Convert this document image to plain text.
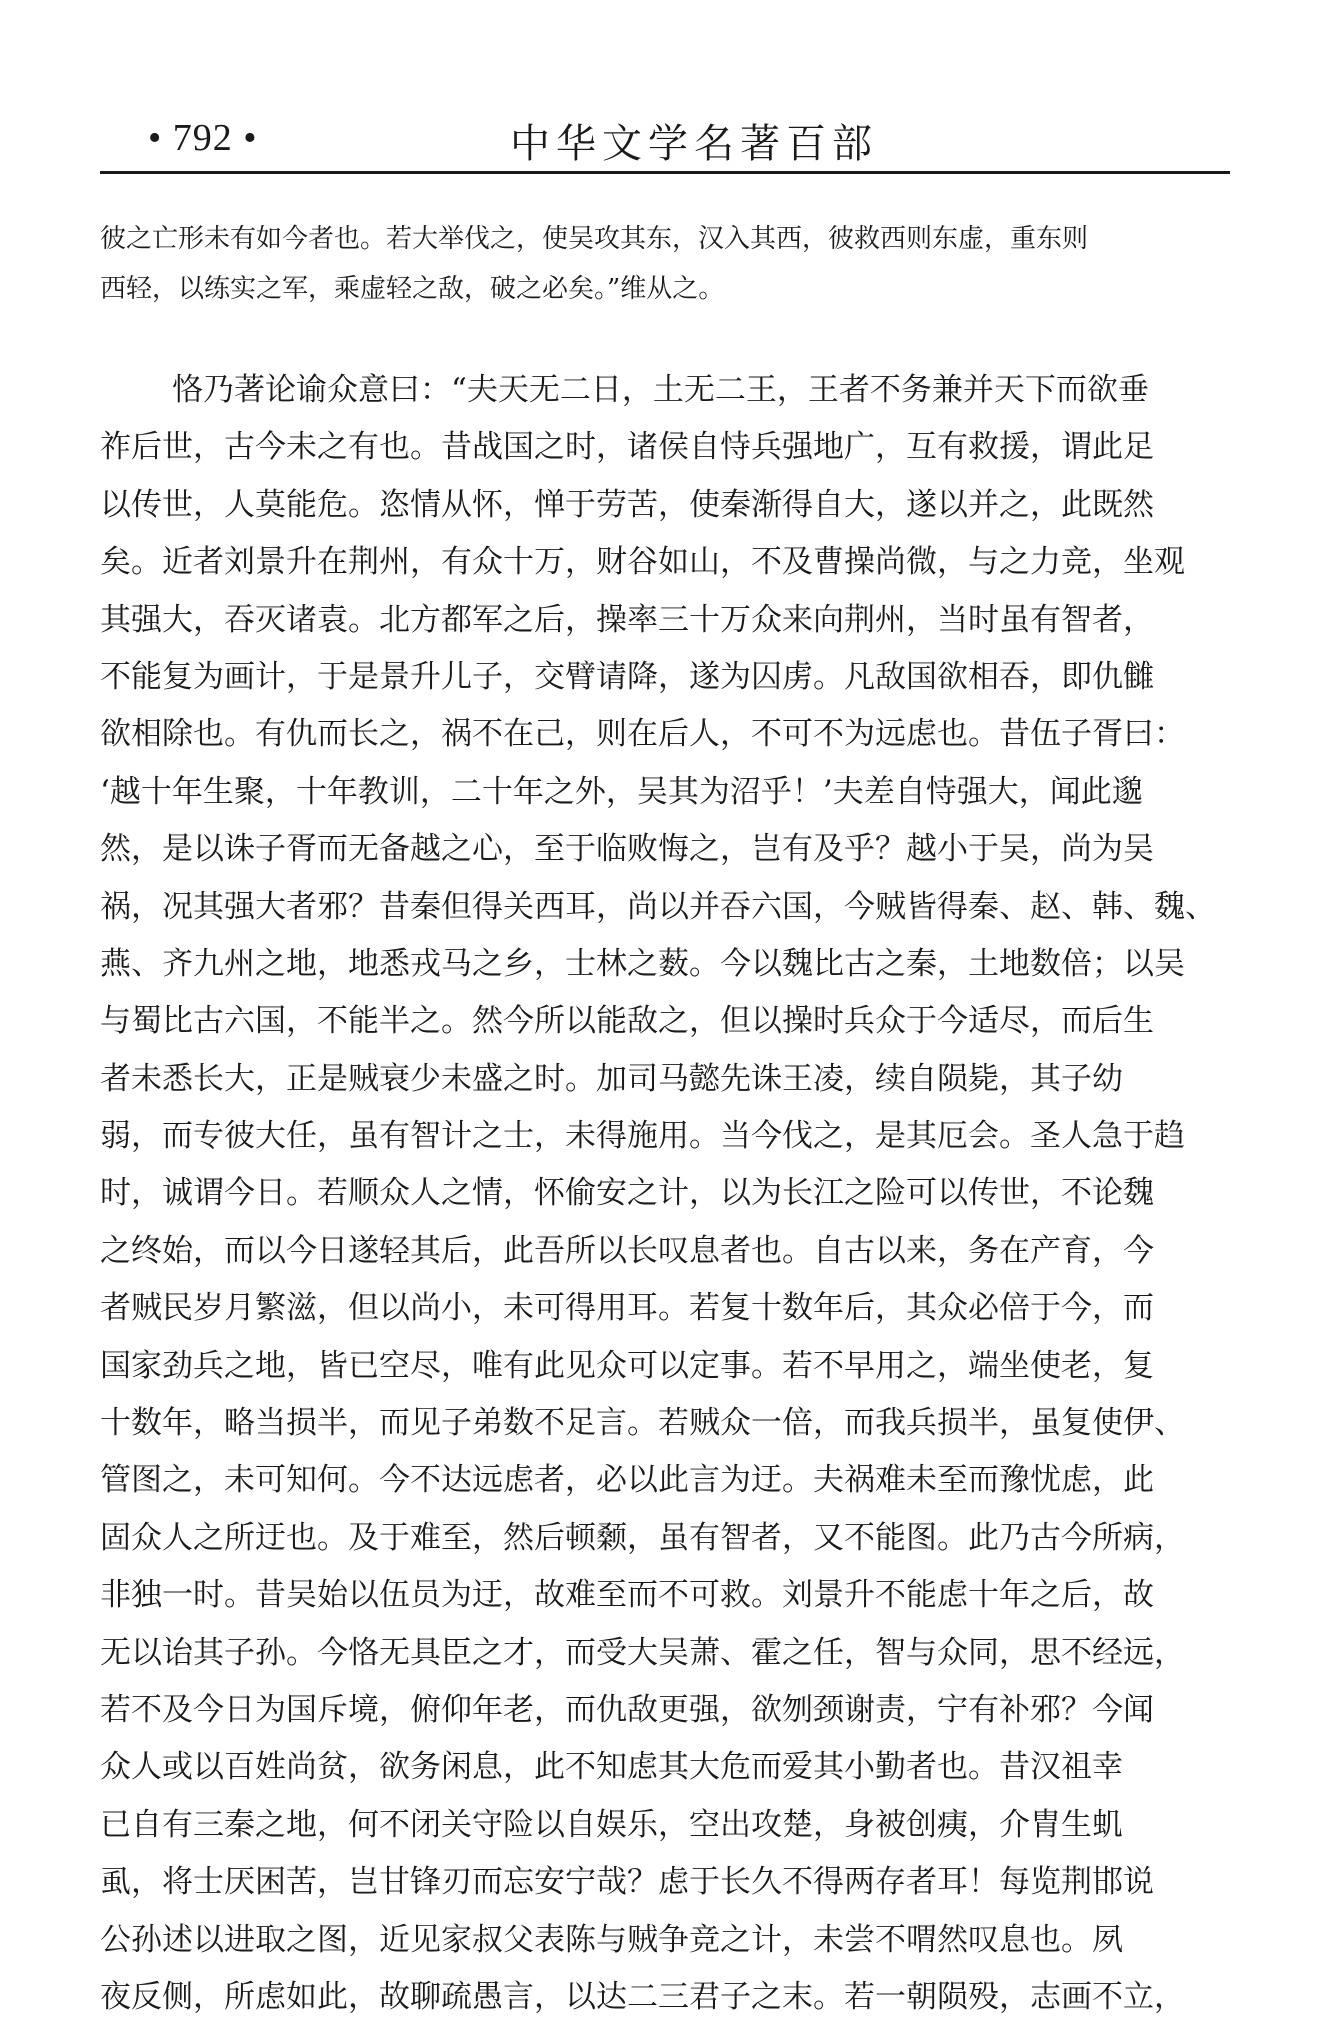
• 792 •	中华文学名著百部
彼之亡形未有如今者也。若大举伐之，使吴攻其东，汉入其西，彼救西则东虚，重东则
西轻，以练实之军，乘虚轻之敌，破之必矣。”维从之。
恪乃著论谕众意曰：“夫天无二日，土无二王，王者不务兼并天下而欲垂
祚后世，古今未之有也。昔战国之时，诸侯自恃兵强地广，互有救援，谓此足
以传世，人莫能危。恣情从怀，惮于劳苦，使秦渐得自大，遂以并之，此既然
矣。近者刘景升在荆州，有众十万，财谷如山，不及曹操尚微，与之力竞，坐观
其强大，吞灭诸袁。北方都军之后，操率三十万众来向荆州，当时虽有智者，
不能复为画计，于是景升儿子，交臂请降，遂为囚虏。凡敌国欲相吞，即仇雠
欲相除也。有仇而长之，祸不在己，则在后人，不可不为远虑也。昔伍子胥曰：
‘越十年生聚，十年教训，二十年之外，吴其为沼乎！’夫差自恃强大，闻此邈
然，是以诛子胥而无备越之心，至于临败悔之，岂有及乎？越小于吴，尚为吴
祸，况其强大者邪？昔秦但得关西耳，尚以并吞六国，今贼皆得秦、赵、韩、魏、
燕、齐九州之地，地悉戎马之乡，士林之薮。今以魏比古之秦，土地数倍；以吴
与蜀比古六国，不能半之。然今所以能敌之，但以操时兵众于今适尽，而后生
者未悉长大，正是贼衰少未盛之时。加司马懿先诛王凌，续自陨毙，其子幼
弱，而专彼大任，虽有智计之士，未得施用。当今伐之，是其厄会。圣人急于趋
时，诚谓今日。若顺众人之情，怀偷安之计，以为长江之险可以传世，不论魏
之终始，而以今日遂轻其后，此吾所以长叹息者也。自古以来，务在产育，今
者贼民岁月繁滋，但以尚小，未可得用耳。若复十数年后，其众必倍于今，而
国家劲兵之地，皆已空尽，唯有此见众可以定事。若不早用之，端坐使老，复
十数年，略当损半，而见子弟数不足言。若贼众一倍，而我兵损半，虽复使伊、
管图之，未可知何。今不达远虑者，必以此言为迂。夫祸难未至而豫忧虑，此
固众人之所迂也。及于难至，然后顿颡，虽有智者，又不能图。此乃古今所病，
非独一时。昔吴始以伍员为迂，故难至而不可救。刘景升不能虑十年之后，故
无以诒其子孙。今恪无具臣之才，而受大吴萧、霍之任，智与众同，思不经远，
若不及今日为国斥境，俯仰年老，而仇敌更强，欲刎颈谢责，宁有补邪？今闻
众人或以百姓尚贫，欲务闲息，此不知虑其大危而爱其小勤者也。昔汉祖幸
已自有三秦之地，何不闭关守险以自娱乐，空出攻楚，身被创痍，介胄生虮
虱，将士厌困苦，岂甘锋刃而忘安宁哉？虑于长久不得两存者耳！每览荆邯说
公孙述以进取之图，近见家叔父表陈与贼争竞之计，未尝不喟然叹息也。夙
夜反侧，所虑如此，故聊疏愚言，以达二三君子之末。若一朝陨殁，志画不立，
